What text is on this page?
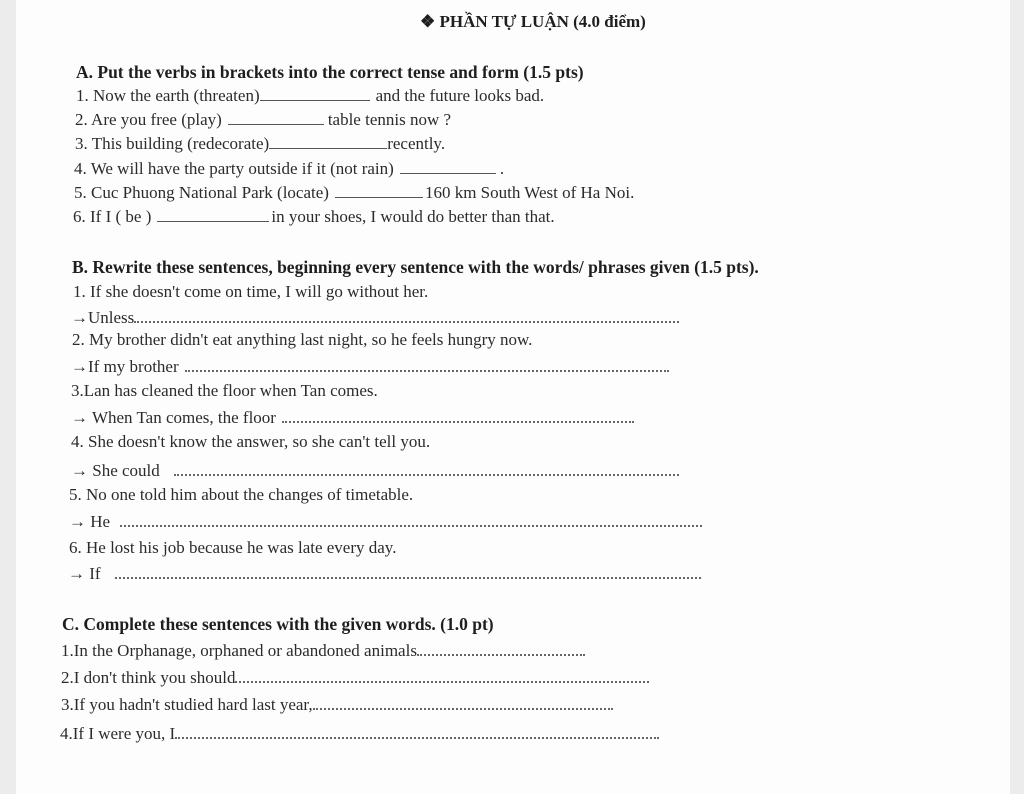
❖ PHẦN TỰ LUẬN (4.0 điểm)
A. Put the verbs in brackets into the correct tense and form (1.5 pts)
1. Now the earth (threaten)	and the future looks bad.
2. Are you free (play)	table tennis now ?
3. This building (redecorate)	recently.
4. We will have the party outside if it (not rain)	.
5. Cuc Phuong National Park (locate)	160 km South West of Ha Noi.
6. If I ( be )	in your shoes, I would do better than that.
B. Rewrite these sentences, beginning every sentence with the words/ phrases given (1.5 pts).
1. If she doesn't come on time, I will go without her.
→Unless
2. My brother didn't eat anything last night, so he feels hungry now.
→If my brother
3.Lan has cleaned the floor when Tan comes.
→ When Tan comes, the floor
4. She doesn't know the answer, so she can't tell you.
→ She could
5. No one told him about the changes of timetable.
→ He
6. He lost his job because he was late every day.
→ If
C. Complete these sentences with the given words. (1.0 pt)
1.In the Orphanage, orphaned or abandoned animals
2.I don't think you should
3.If you hadn't studied hard last year,
4.If I were you, I
